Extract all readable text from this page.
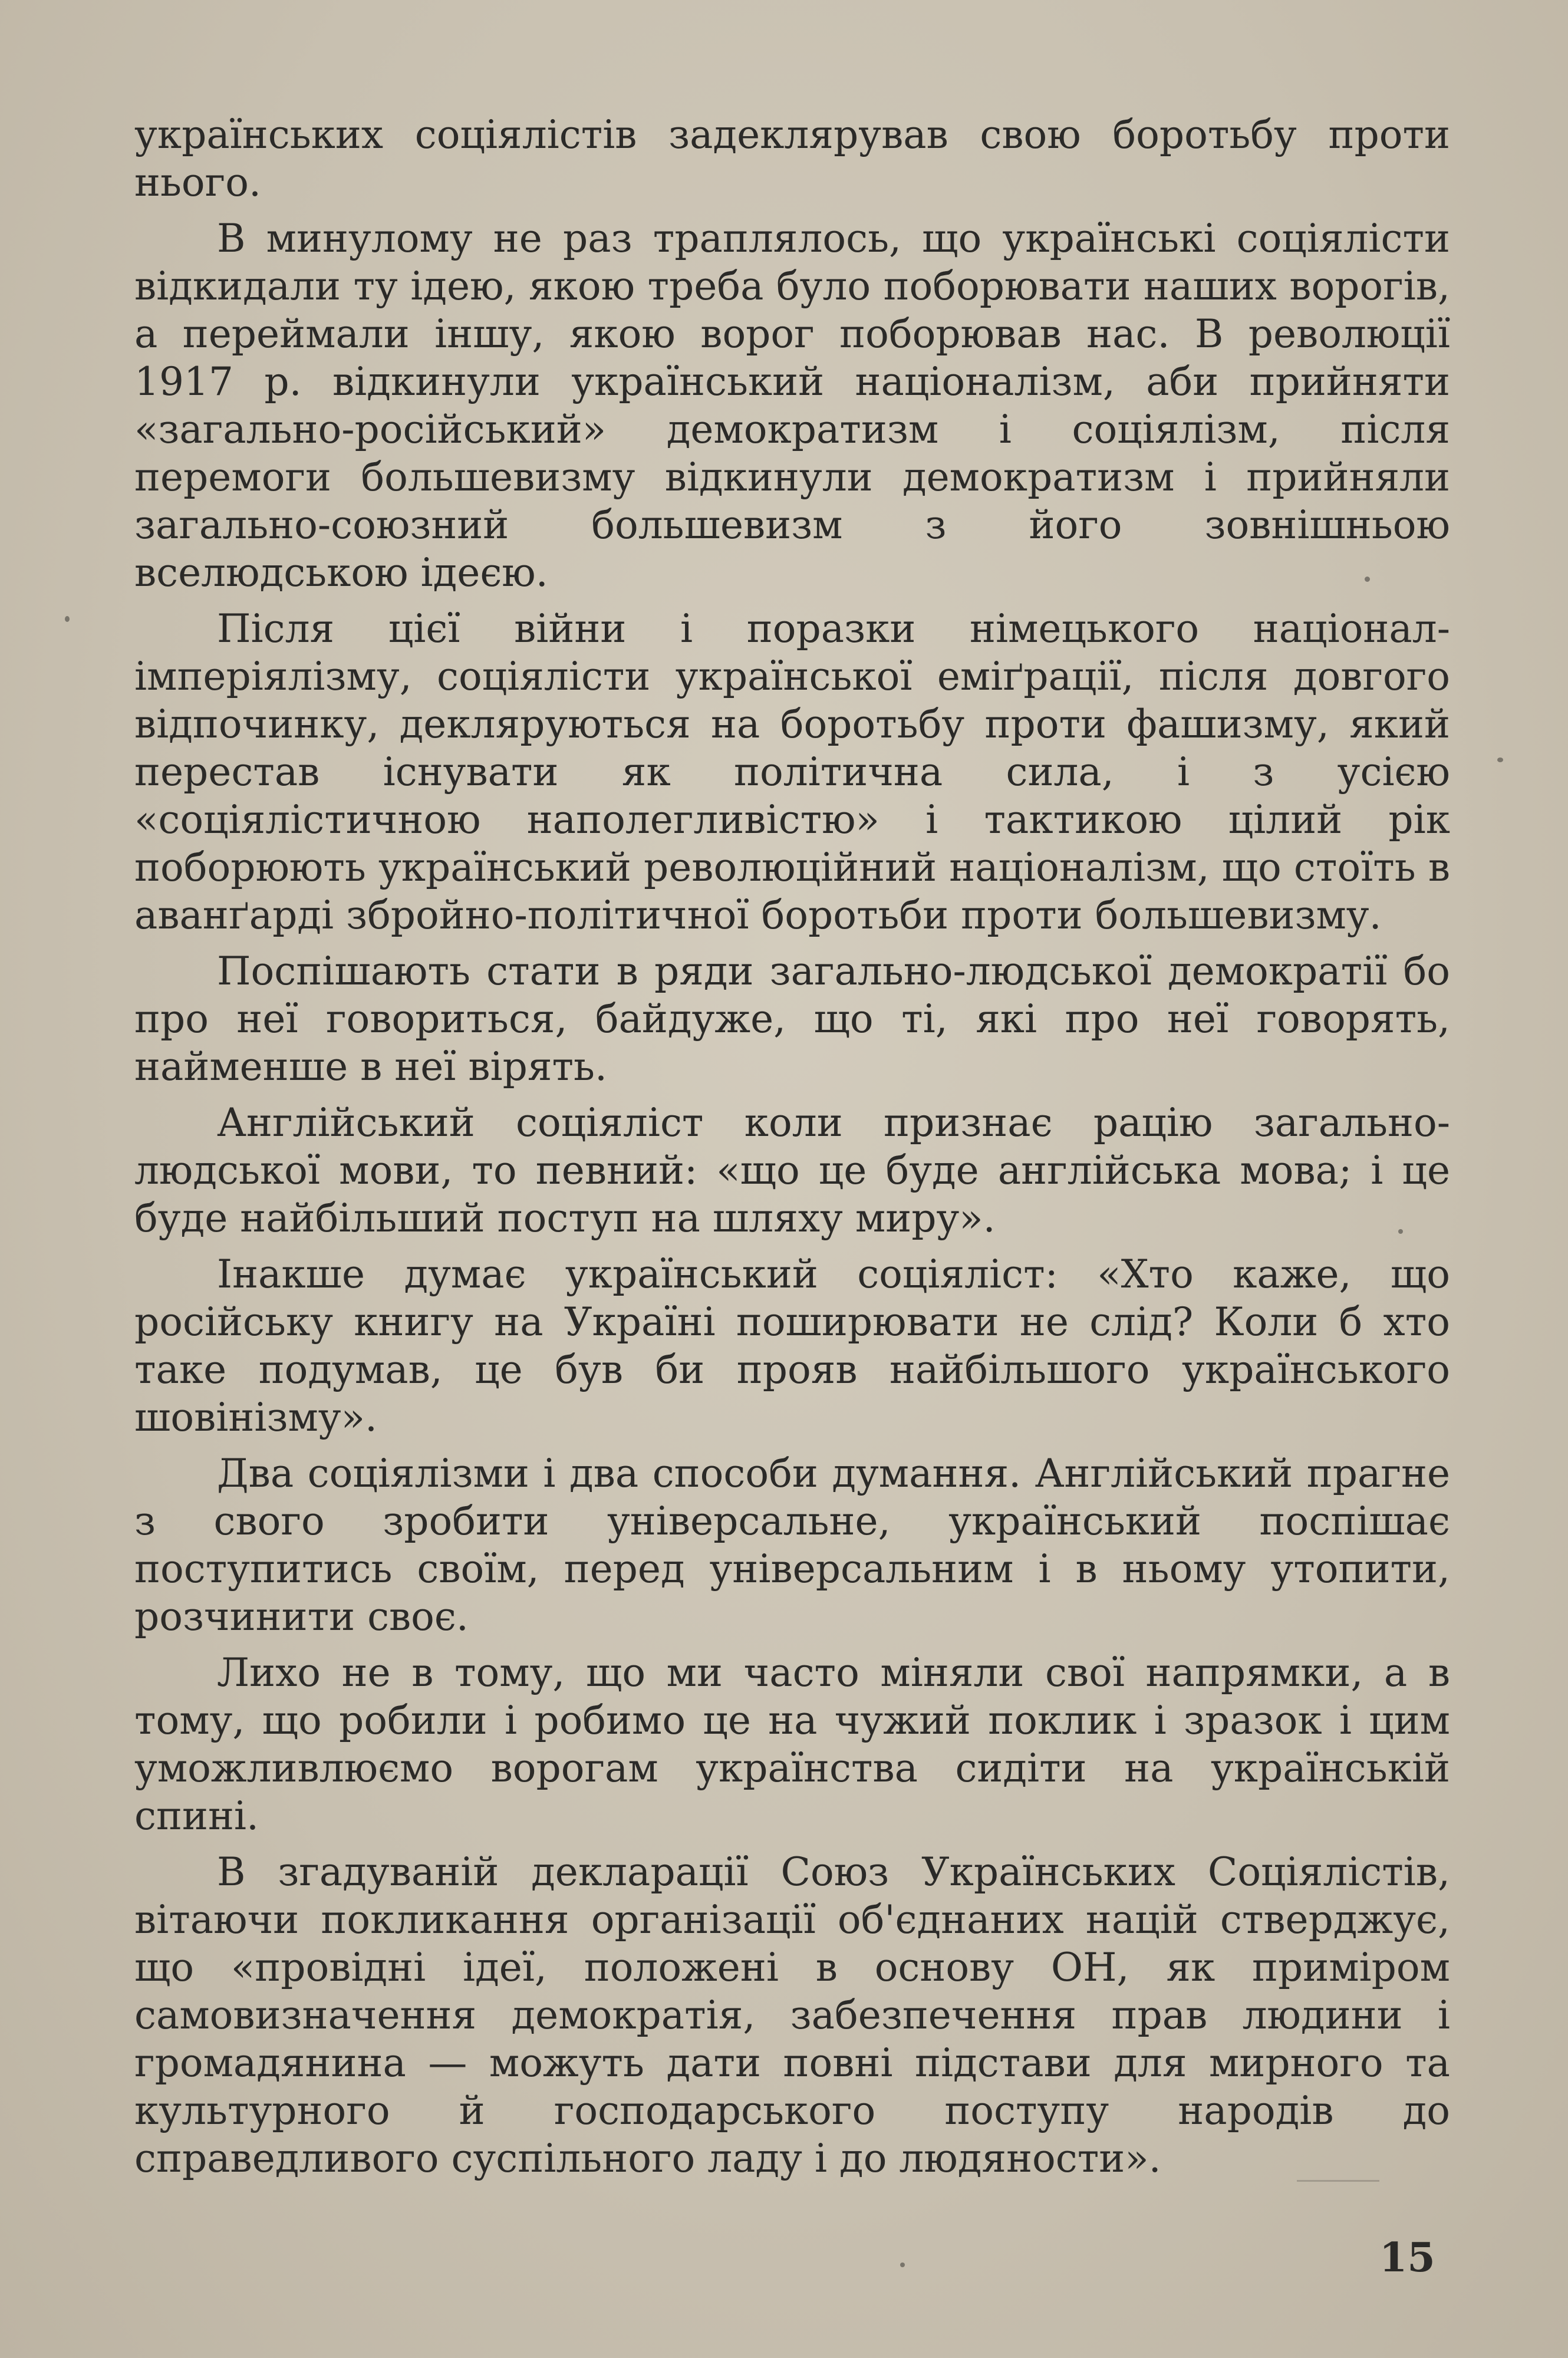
українських соціялістів задеклярував свою боротьбу проти нього.

В минулому не раз траплялось, що українські соціялісти відкидали ту ідею, якою треба було поборювати наших ворогів, а переймали іншу, якою ворог поборював нас. В революції 1917 р. відкинули український націоналізм, аби прийняти «загально-російський» демократизм і соціялізм, після перемоги большевизму відкинули демократизм і прийняли загально-союзний большевизм з його зовнішньою вселюдською ідеєю.

Після цієї війни і поразки німецького націонал-імперіялізму, соціялісти української еміґрації, після довгого відпочинку, декляруються на боротьбу проти фашизму, який перестав існувати як політична сила, і з усією «соціялістичною наполегливістю» і тактикою цілий рік поборюють український революційний націоналізм, що стоїть в аванґарді збройно-політичної боротьби проти большевизму.

Поспішають стати в ряди загально-людської демократії бо про неї говориться, байдуже, що ті, які про неї говорять, найменше в неї вірять.

Англійський соціяліст коли признає рацію загально-людської мови, то певний: «що це буде англійська мова; і це буде найбільший поступ на шляху миру».

Інакше думає український соціяліст: «Хто каже, що російську книгу на Україні поширювати не слід? Коли б хто таке подумав, це був би прояв найбільшого українського шовінізму».

Два соціялізми і два способи думання. Англійський прагне з свого зробити універсальне, український поспішає поступитись своїм, перед універсальним і в ньому утопити, розчинити своє.

Лихо не в тому, що ми часто міняли свої напрямки, а в тому, що робили і робимо це на чужий поклик і зразок і цим уможливлюємо ворогам українства сидіти на українській спині.

В згадуваній декларації Союз Українських Соціялістів, вітаючи покликання організації об'єднаних націй стверджує, що «провідні ідеї, положені в основу ОН, як приміром самовизначення демократія, забезпечення прав людини і громадянина — можуть дати повні підстави для мирного та культурного й господарського поступу народів до справедливого суспільного ладу і до людяности».

15
